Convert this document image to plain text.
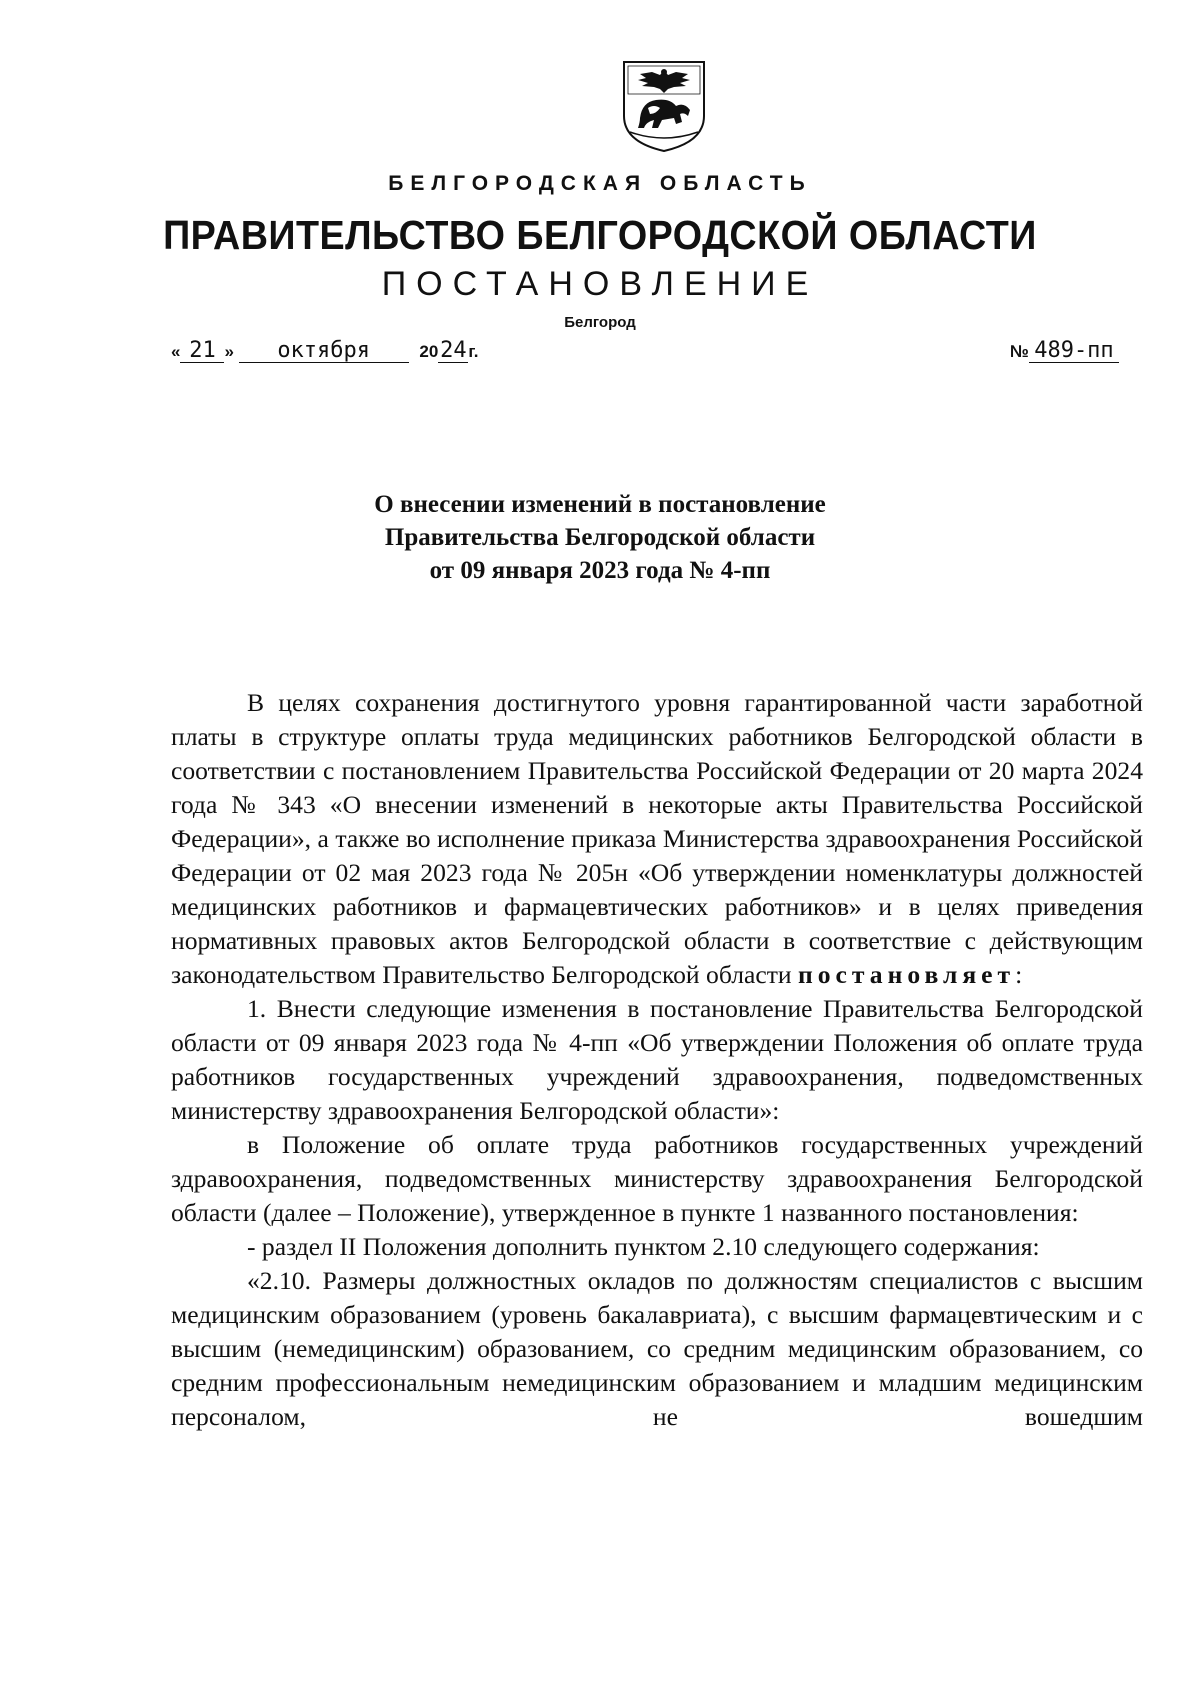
БЕЛГОРОДСКАЯ ОБЛАСТЬ
ПРАВИТЕЛЬСТВО БЕЛГОРОДСКОЙ ОБЛАСТИ
ПОСТАНОВЛЕНИЕ
Белгород
« 21 » октября	2024 г.	№ 489-пп
О внесении изменений в постановление
Правительства Белгородской области
от 09 января 2023 года № 4-пп

В целях сохранения достигнутого уровня гарантированной части заработной платы в структуре оплаты труда медицинских работников Белгородской области в соответствии с постановлением Правительства Российской Федерации от 20 марта 2024 года № 343 «О внесении изменений в некоторые акты Правительства Российской Федерации», а также во исполнение приказа Министерства здравоохранения Российской Федерации от 02 мая 2023 года № 205н «Об утверждении номенклатуры должностей медицинских работников и фармацевтических работников» и в целях приведения нормативных правовых актов Белгородской области в соответствие с действующим законодательством Правительство Белгородской области постановляет:

1. Внести следующие изменения в постановление Правительства Белгородской области от 09 января 2023 года № 4-пп «Об утверждении Положения об оплате труда работников государственных учреждений здравоохранения, подведомственных министерству здравоохранения Белгородской области»:

в Положение об оплате труда работников государственных учреждений здравоохранения, подведомственных министерству здравоохранения Белгородской области (далее – Положение), утвержденное в пункте 1 названного постановления:

- раздел II Положения дополнить пунктом 2.10 следующего содержания:

«2.10. Размеры должностных окладов по должностям специалистов с высшим медицинским образованием (уровень бакалавриата), с высшим фармацевтическим и с высшим (немедицинским) образованием, со средним медицинским образованием, со средним профессиональным немедицинским образованием и младшим медицинским персоналом, не вошедшим
